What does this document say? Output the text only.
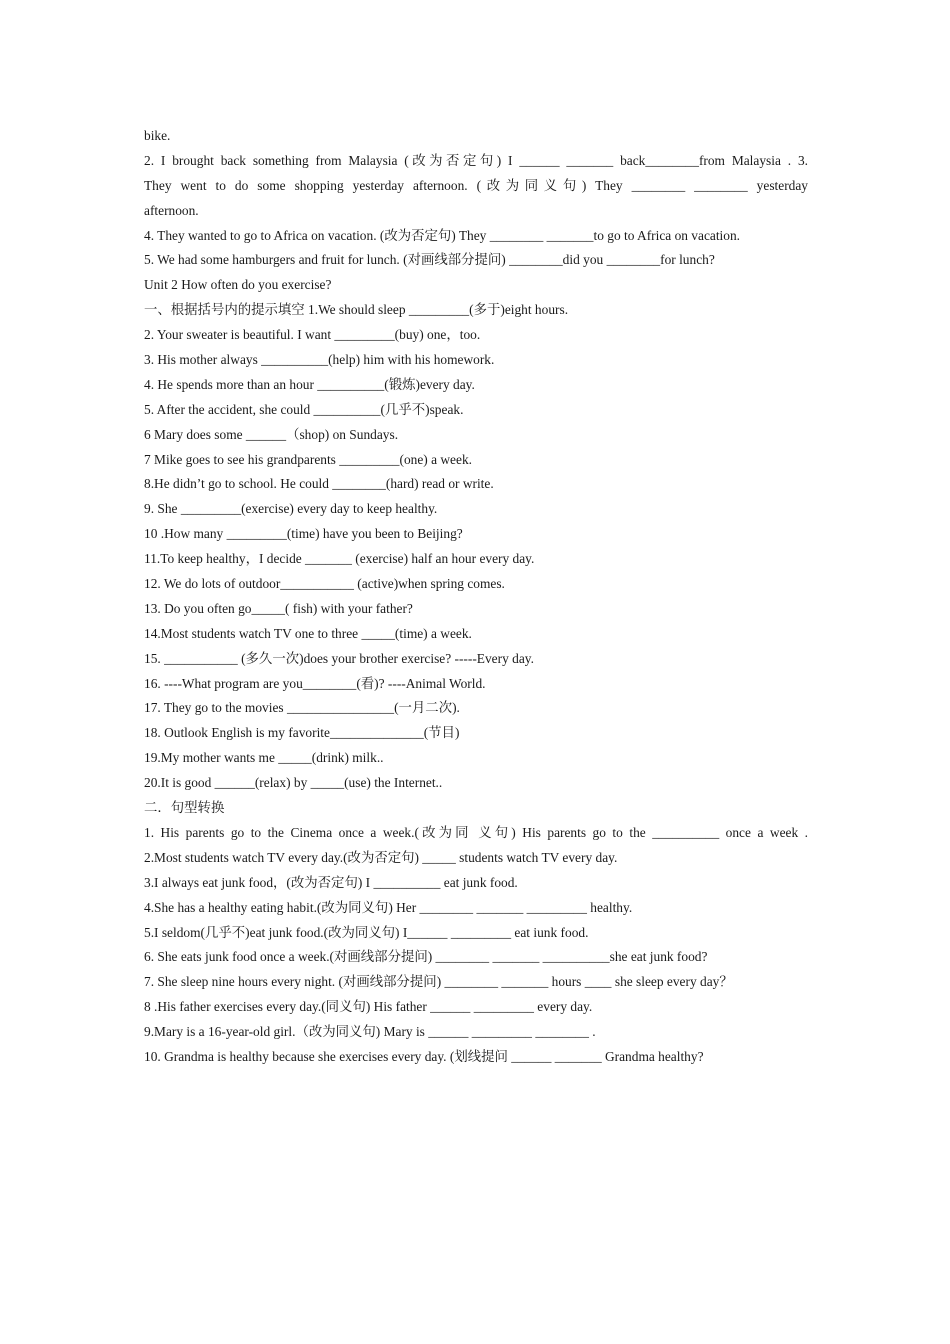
bike.
2. I brought back something from Malaysia (改为否定句) I ______ _______ back________from Malaysia . 3.
They went to do some shopping yesterday afternoon. (改为同义句) They ________ ________ yesterday
afternoon.
4. They wanted to go to Africa on vacation. (改为否定句) They ________ _______to go to Africa on vacation.
5. We had some hamburgers and fruit for lunch. (对画线部分提问) ________did you ________for lunch?
Unit 2 How often do you exercise?
一、根据括号内的提示填空 1.We should sleep _________(多于)eight hours.
2. Your sweater is beautiful. I want _________(buy) one，too.
3. His mother always __________(help) him with his homework.
4. He spends more than an hour __________(锻炼)every day.
5. After the accident, she could __________(几乎不)speak.
6 Mary does some ______（shop) on Sundays.
7 Mike goes to see his grandparents _________(one) a week.
8.He didn’t go to school. He could ________(hard) read or write.
9. She _________(exercise) every day to keep healthy.
10 .How many _________(time) have you been to Beijing?
11.To keep healthy，I decide _______ (exercise) half an hour every day.
12. We do lots of outdoor___________ (active)when spring comes.
13. Do you often go_____( fish) with your father?
14.Most students watch TV one to three _____(time) a week.
15. ___________ (多久一次)does your brother exercise? -----Every day.
16. ----What program are you________(看)? ----Animal World.
17. They go to the movies ________________(一月二次).
18. Outlook English is my favorite______________(节目)
19.My mother wants me _____(drink) milk..
20.It is good ______(relax) by _____(use) the Internet..
二．句型转换
1. His parents go to the Cinema once a week.(改为同 义句) His parents go to the __________ once a week .
2.Most students watch TV every day.(改为否定句) _____ students watch TV every day.
3.I always eat junk food，(改为否定句) I __________ eat junk food.
4.She has a healthy eating habit.(改为同义句) Her ________ _______ _________ healthy.
5.I seldom(几乎不)eat junk food.(改为同义句) I______ _________ eat iunk food.
6. She eats junk food once a week.(对画线部分提问) ________ _______ __________she eat junk food?
7. She sleep nine hours every night. (对画线部分提问) ________ _______ hours ____ she sleep every day？
8 .His father exercises every day.(同义句) His father ______ _________ every day.
9.Mary is a 16-year-old girl.（改为同义句) Mary is ______ _________ ________ .
10. Grandma is healthy because she exercises every day. (划线提问 ______ _______ Grandma healthy?
